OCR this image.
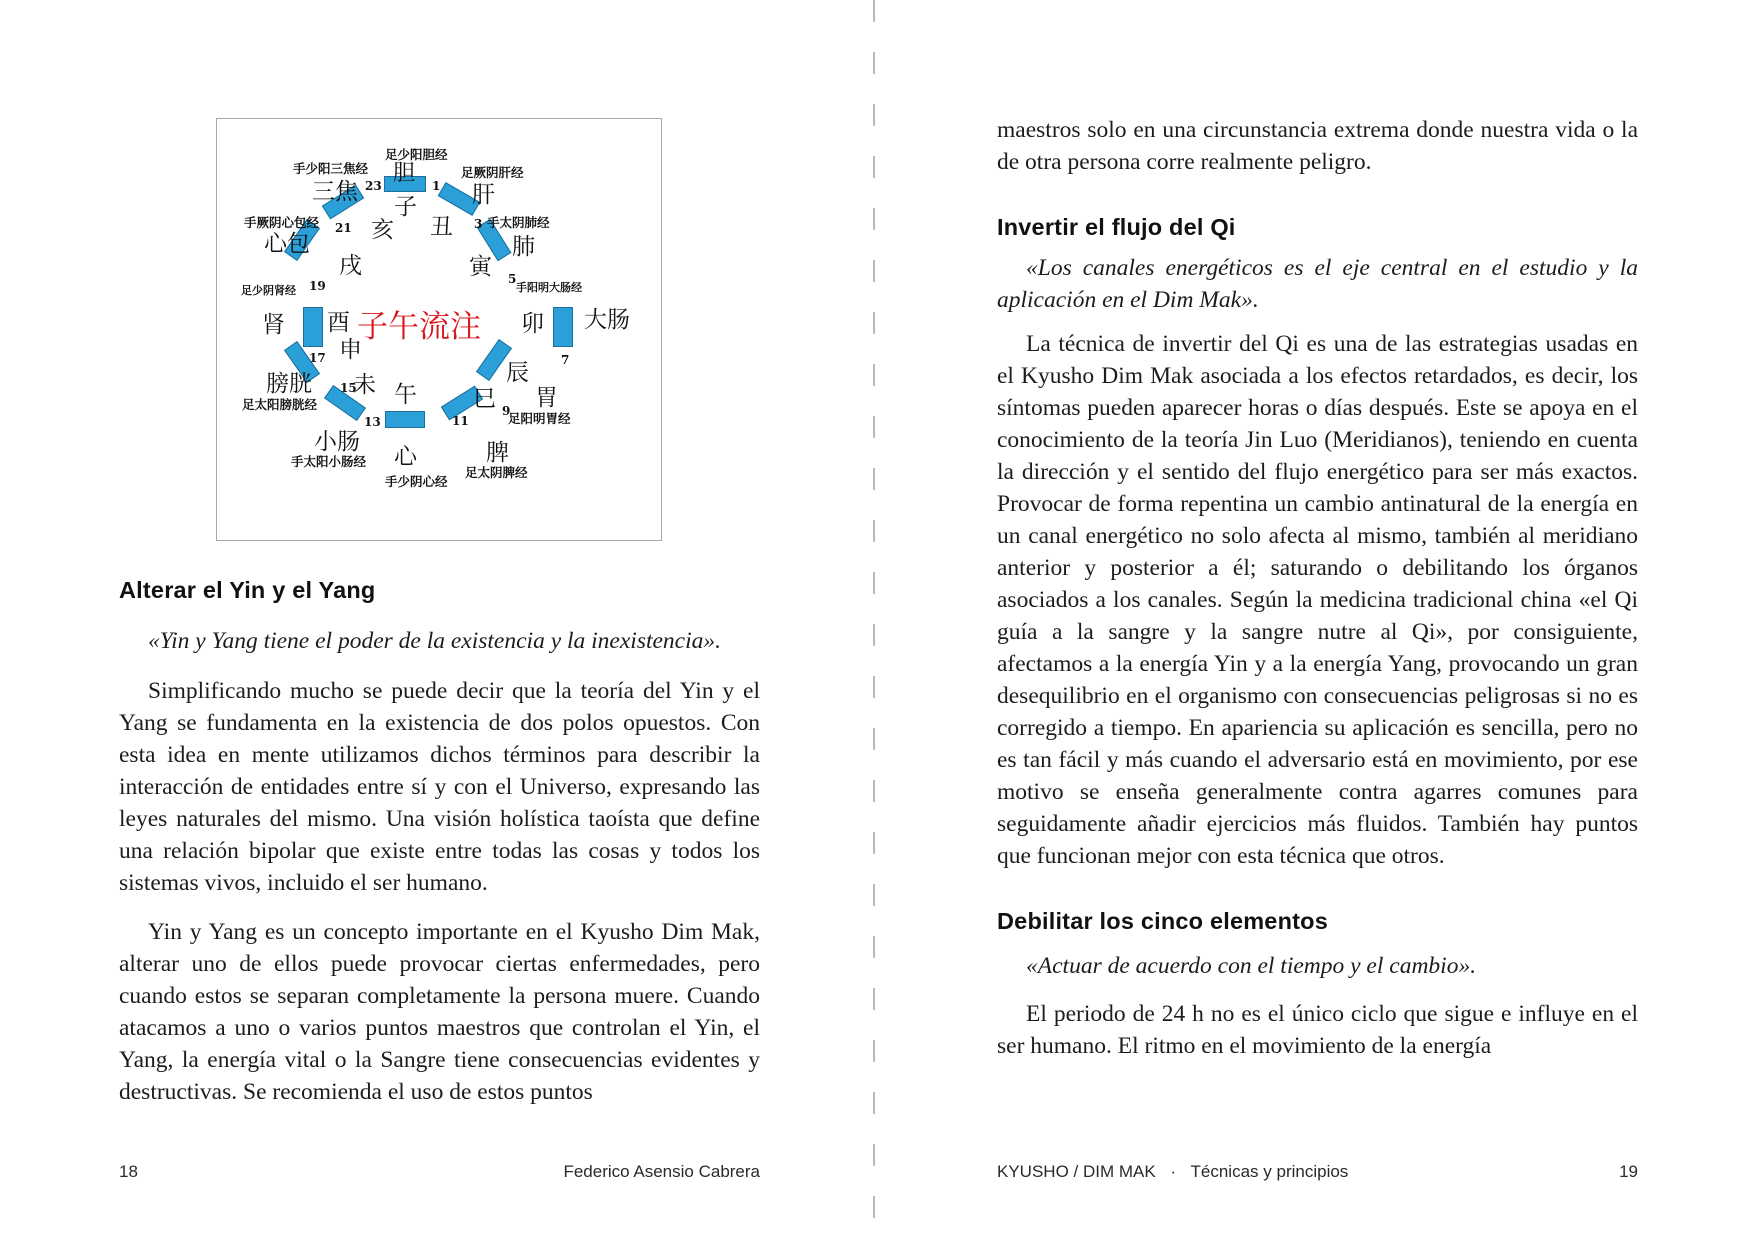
子午流注
足少阳胆经
胆
子
23	1
足厥阴肝经
肝
丑 3 手太阴肺经
肺
寅 5
手阳明大肠经
卯 大肠
7
辰
胃
9
足阳明胃经
巳
脾
足太阴脾经
11
午
心
手少阴心经
13
未
小肠
手太阳小肠经
15
申
膀胱
足太阳膀胱经
17
酉
肾
足少阴肾经 19
戌
心包
手厥阴心包经 21 亥
三焦
手少阳三焦经
Alterar el Yin y el Yang

«Yin y Yang tiene el poder de la existencia y la inexistencia».

Simplificando mucho se puede decir que la teoría del Yin y el Yang se fundamenta en la existencia de dos polos opuestos. Con esta idea en mente utilizamos dichos términos para describir la interacción de entidades entre sí y con el Universo, expresando las leyes naturales del mismo. Una visión holística taoísta que define una relación bipolar que existe entre todas las cosas y todos los sistemas vivos, incluido el ser humano.

Yin y Yang es un concepto importante en el Kyusho Dim Mak, alterar uno de ellos puede provocar ciertas enfermedades, pero cuando estos se separan completamente la persona muere. Cuando atacamos a uno o varios puntos maestros que controlan el Yin, el Yang, la energía vital o la Sangre tiene consecuencias evidentes y destructivas. Se recomienda el uso de estos puntos

18	Federico Asensio Cabrera

maestros solo en una circunstancia extrema donde nuestra vida o la de otra persona corre realmente peligro.

Invertir el flujo del Qi

«Los canales energéticos es el eje central en el estudio y la aplicación en el Dim Mak».

La técnica de invertir del Qi es una de las estrategias usadas en el Kyusho Dim Mak asociada a los efectos retardados, es decir, los síntomas pueden aparecer horas o días después. Este se apoya en el conocimiento de la teoría Jin Luo (Meridianos), teniendo en cuenta la dirección y el sentido del flujo energético para ser más exactos. Provocar de forma repentina un cambio antinatural de la energía en un canal energético no solo afecta al mismo, también al meridiano anterior y posterior a él; saturando o debilitando los órganos asociados a los canales. Según la medicina tradicional china «el Qi guía a la sangre y la sangre nutre al Qi», por consiguiente, afectamos a la energía Yin y a la energía Yang, provocando un gran desequilibrio en el organismo con consecuencias peligrosas si no es corregido a tiempo. En apariencia su aplicación es sencilla, pero no es tan fácil y más cuando el adversario está en movimiento, por ese motivo se enseña generalmente contra agarres comunes para seguidamente añadir ejercicios más fluidos. También hay puntos que funcionan mejor con esta técnica que otros.

Debilitar los cinco elementos

«Actuar de acuerdo con el tiempo y el cambio».

El periodo de 24 h no es el único ciclo que sigue e influye en el ser humano. El ritmo en el movimiento de la energía

KYUSHO / DIM MAK · Técnicas y principios	19
